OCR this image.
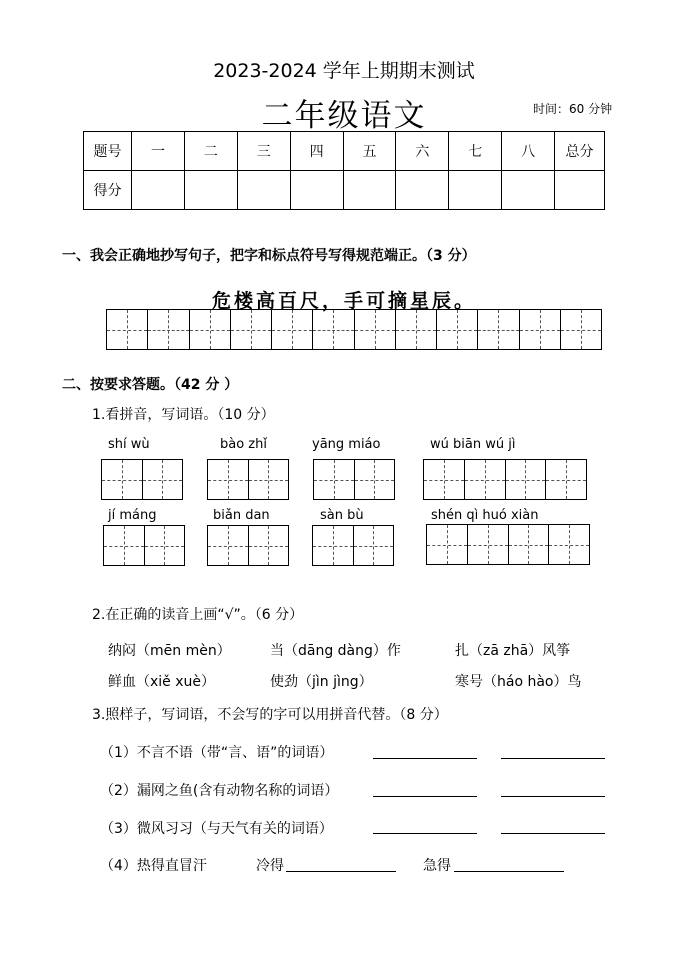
2023-2024 学年上期期末测试
二年级语文	时间：60 分钟
题号	一	二	三	四	五	六	七	八	总分
得分									
一、我会正确地抄写句子，把字和标点符号写得规范端正。（3 分）
危楼高百尺，手可摘星辰。
二、按要求答题。（42 分 ）
1.看拼音，写词语。（10 分）
shí wù	bào zhǐ	yāng miáo	wú biān wú jì
jí máng	biǎn dan	sàn bù	shén qì huó xiàn
2.在正确的读音上画“√”。（6 分）
纳闷（mēn mèn）	当（dāng dàng）作	扎（zā zhā）风筝
鲜血（xiě xuè）	使劲（jìn jìng）	寒号（háo hào）鸟
3.照样子，写词语，不会写的字可以用拼音代替。（8 分）
（1）不言不语（带“言、语”的词语）
（2）漏网之鱼(含有动物名称的词语）
（3）微风习习（与天气有关的词语）
（4）热得直冒汗	冷得	急得
